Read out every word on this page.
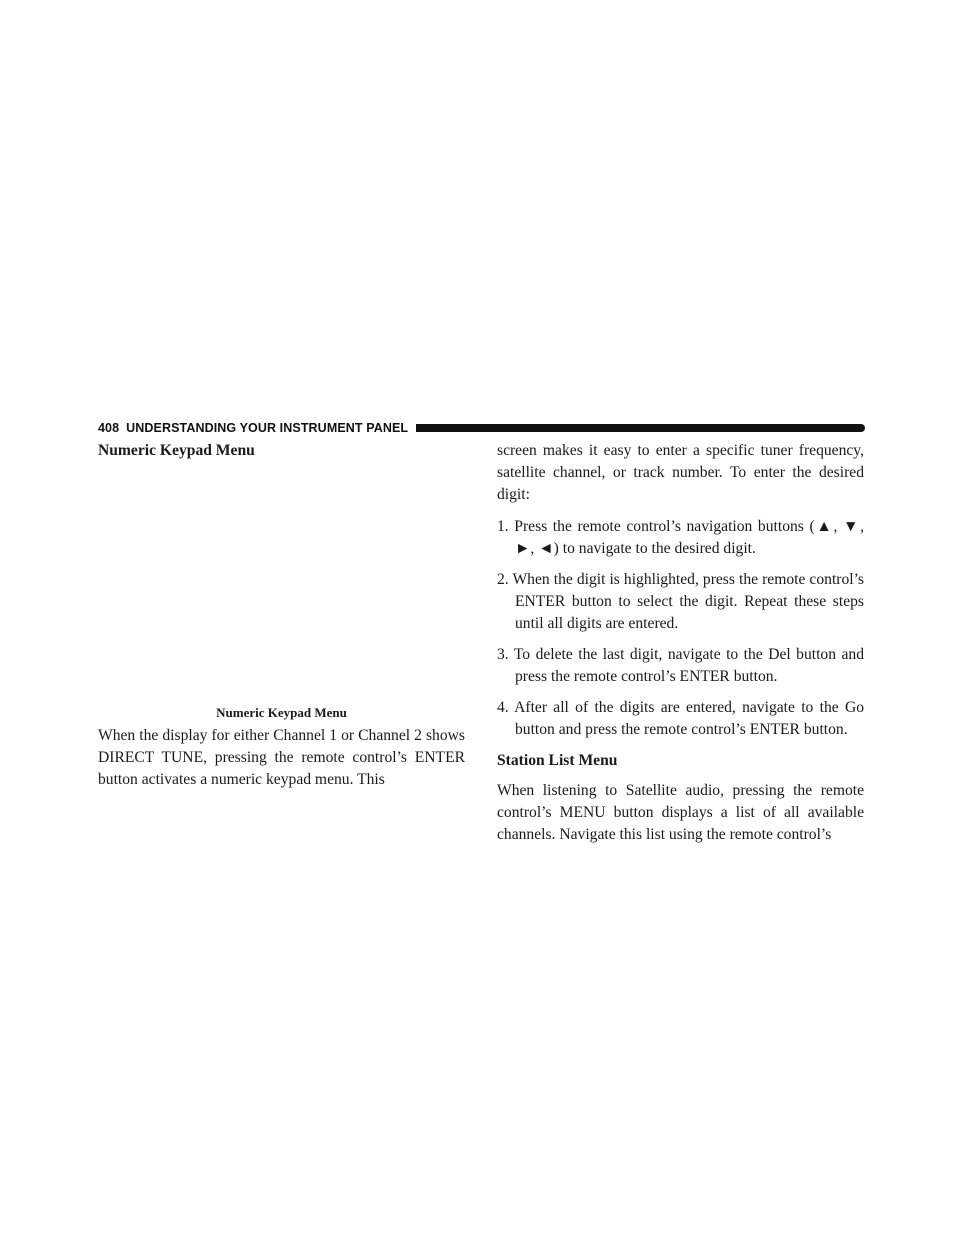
408 UNDERSTANDING YOUR INSTRUMENT PANEL
Numeric Keypad Menu
Numeric Keypad Menu

When the display for either Channel 1 or Channel 2 shows DIRECT TUNE, pressing the remote control’s ENTER button activates a numeric keypad menu. This

screen makes it easy to enter a specific tuner frequency, satellite channel, or track number. To enter the desired digit:

1. Press the remote control’s navigation buttons (▲, ▼, ►, ◄) to navigate to the desired digit.
2. When the digit is highlighted, press the remote control’s ENTER button to select the digit. Repeat these steps until all digits are entered.
3. To delete the last digit, navigate to the Del button and press the remote control’s ENTER button.
4. After all of the digits are entered, navigate to the Go button and press the remote control’s ENTER button.
Station List Menu

When listening to Satellite audio, pressing the remote control’s MENU button displays a list of all available channels. Navigate this list using the remote control’s
